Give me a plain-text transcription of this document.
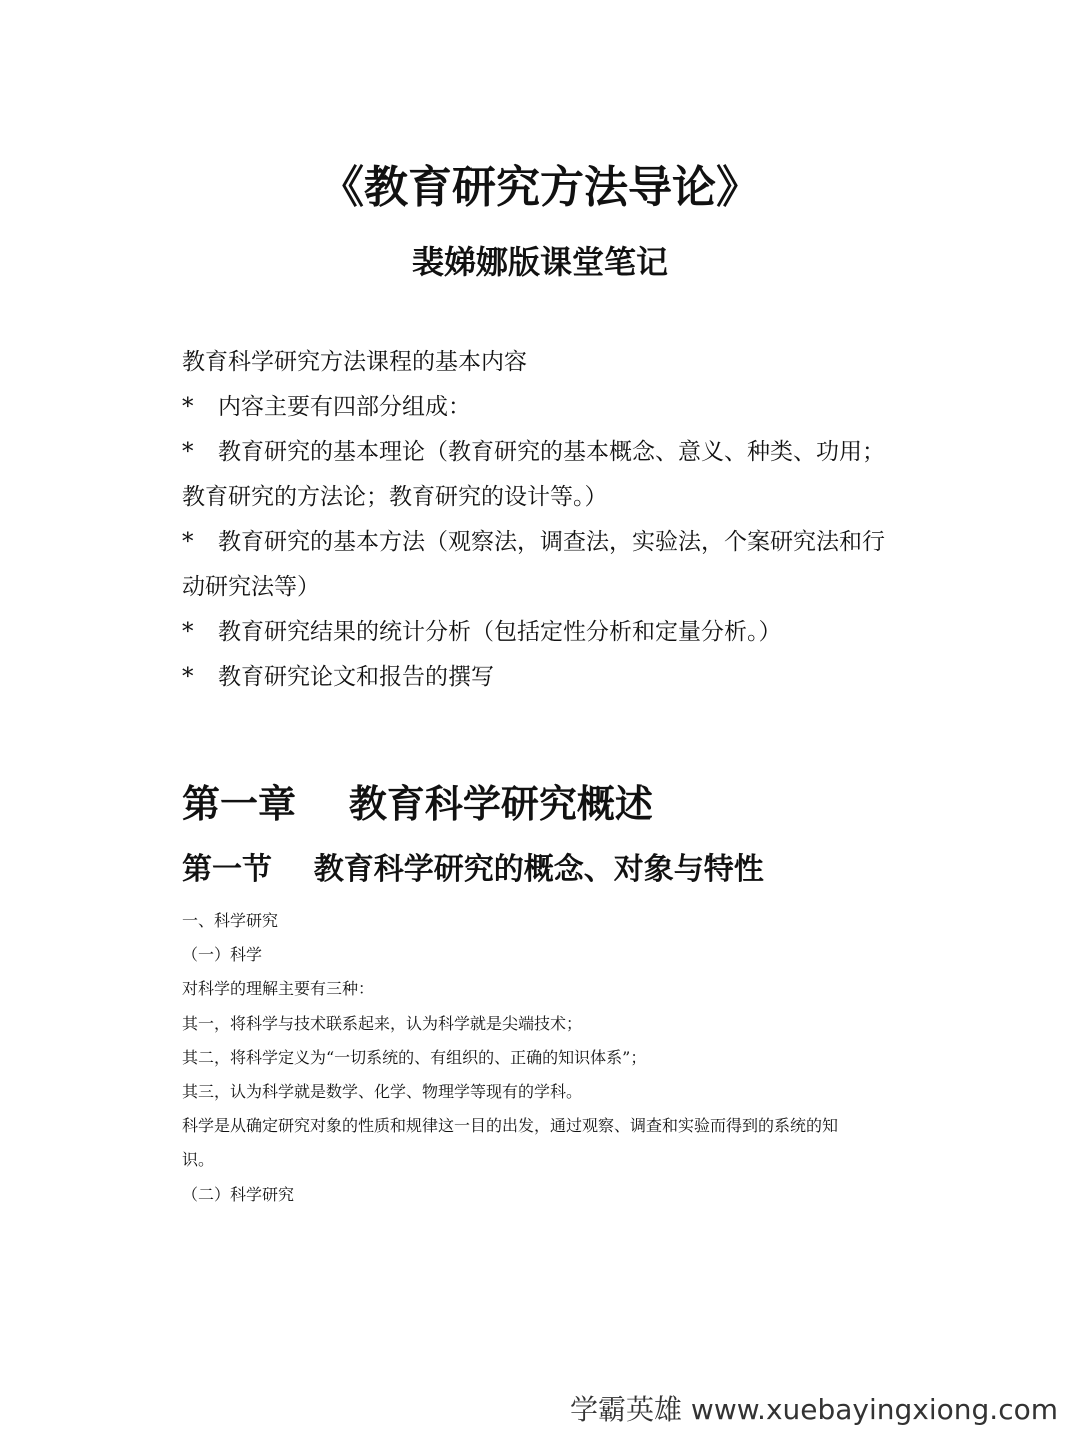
《教育研究方法导论》
裴娣娜版课堂笔记
教育科学研究方法课程的基本内容
*	内容主要有四部分组成：
*	教育研究的基本理论（教育研究的基本概念、意义、种类、功用；
教育研究的方法论；教育研究的设计等。）
*	教育研究的基本方法（观察法，调查法，实验法，个案研究法和行
动研究法等）
*	教育研究结果的统计分析（包括定性分析和定量分析。）
*	教育研究论文和报告的撰写
第一章    教育科学研究概述
第一节    教育科学研究的概念、对象与特性
一、科学研究
（一）科学
对科学的理解主要有三种：
其一，将科学与技术联系起来，认为科学就是尖端技术；
其二，将科学定义为“一切系统的、有组织的、正确的知识体系”；
其三，认为科学就是数学、化学、物理学等现有的学科。
科学是从确定研究对象的性质和规律这一目的出发，通过观察、调查和实验而得到的系统的知
识。
（二）科学研究
学霸英雄 www.xuebayingxiong.com
